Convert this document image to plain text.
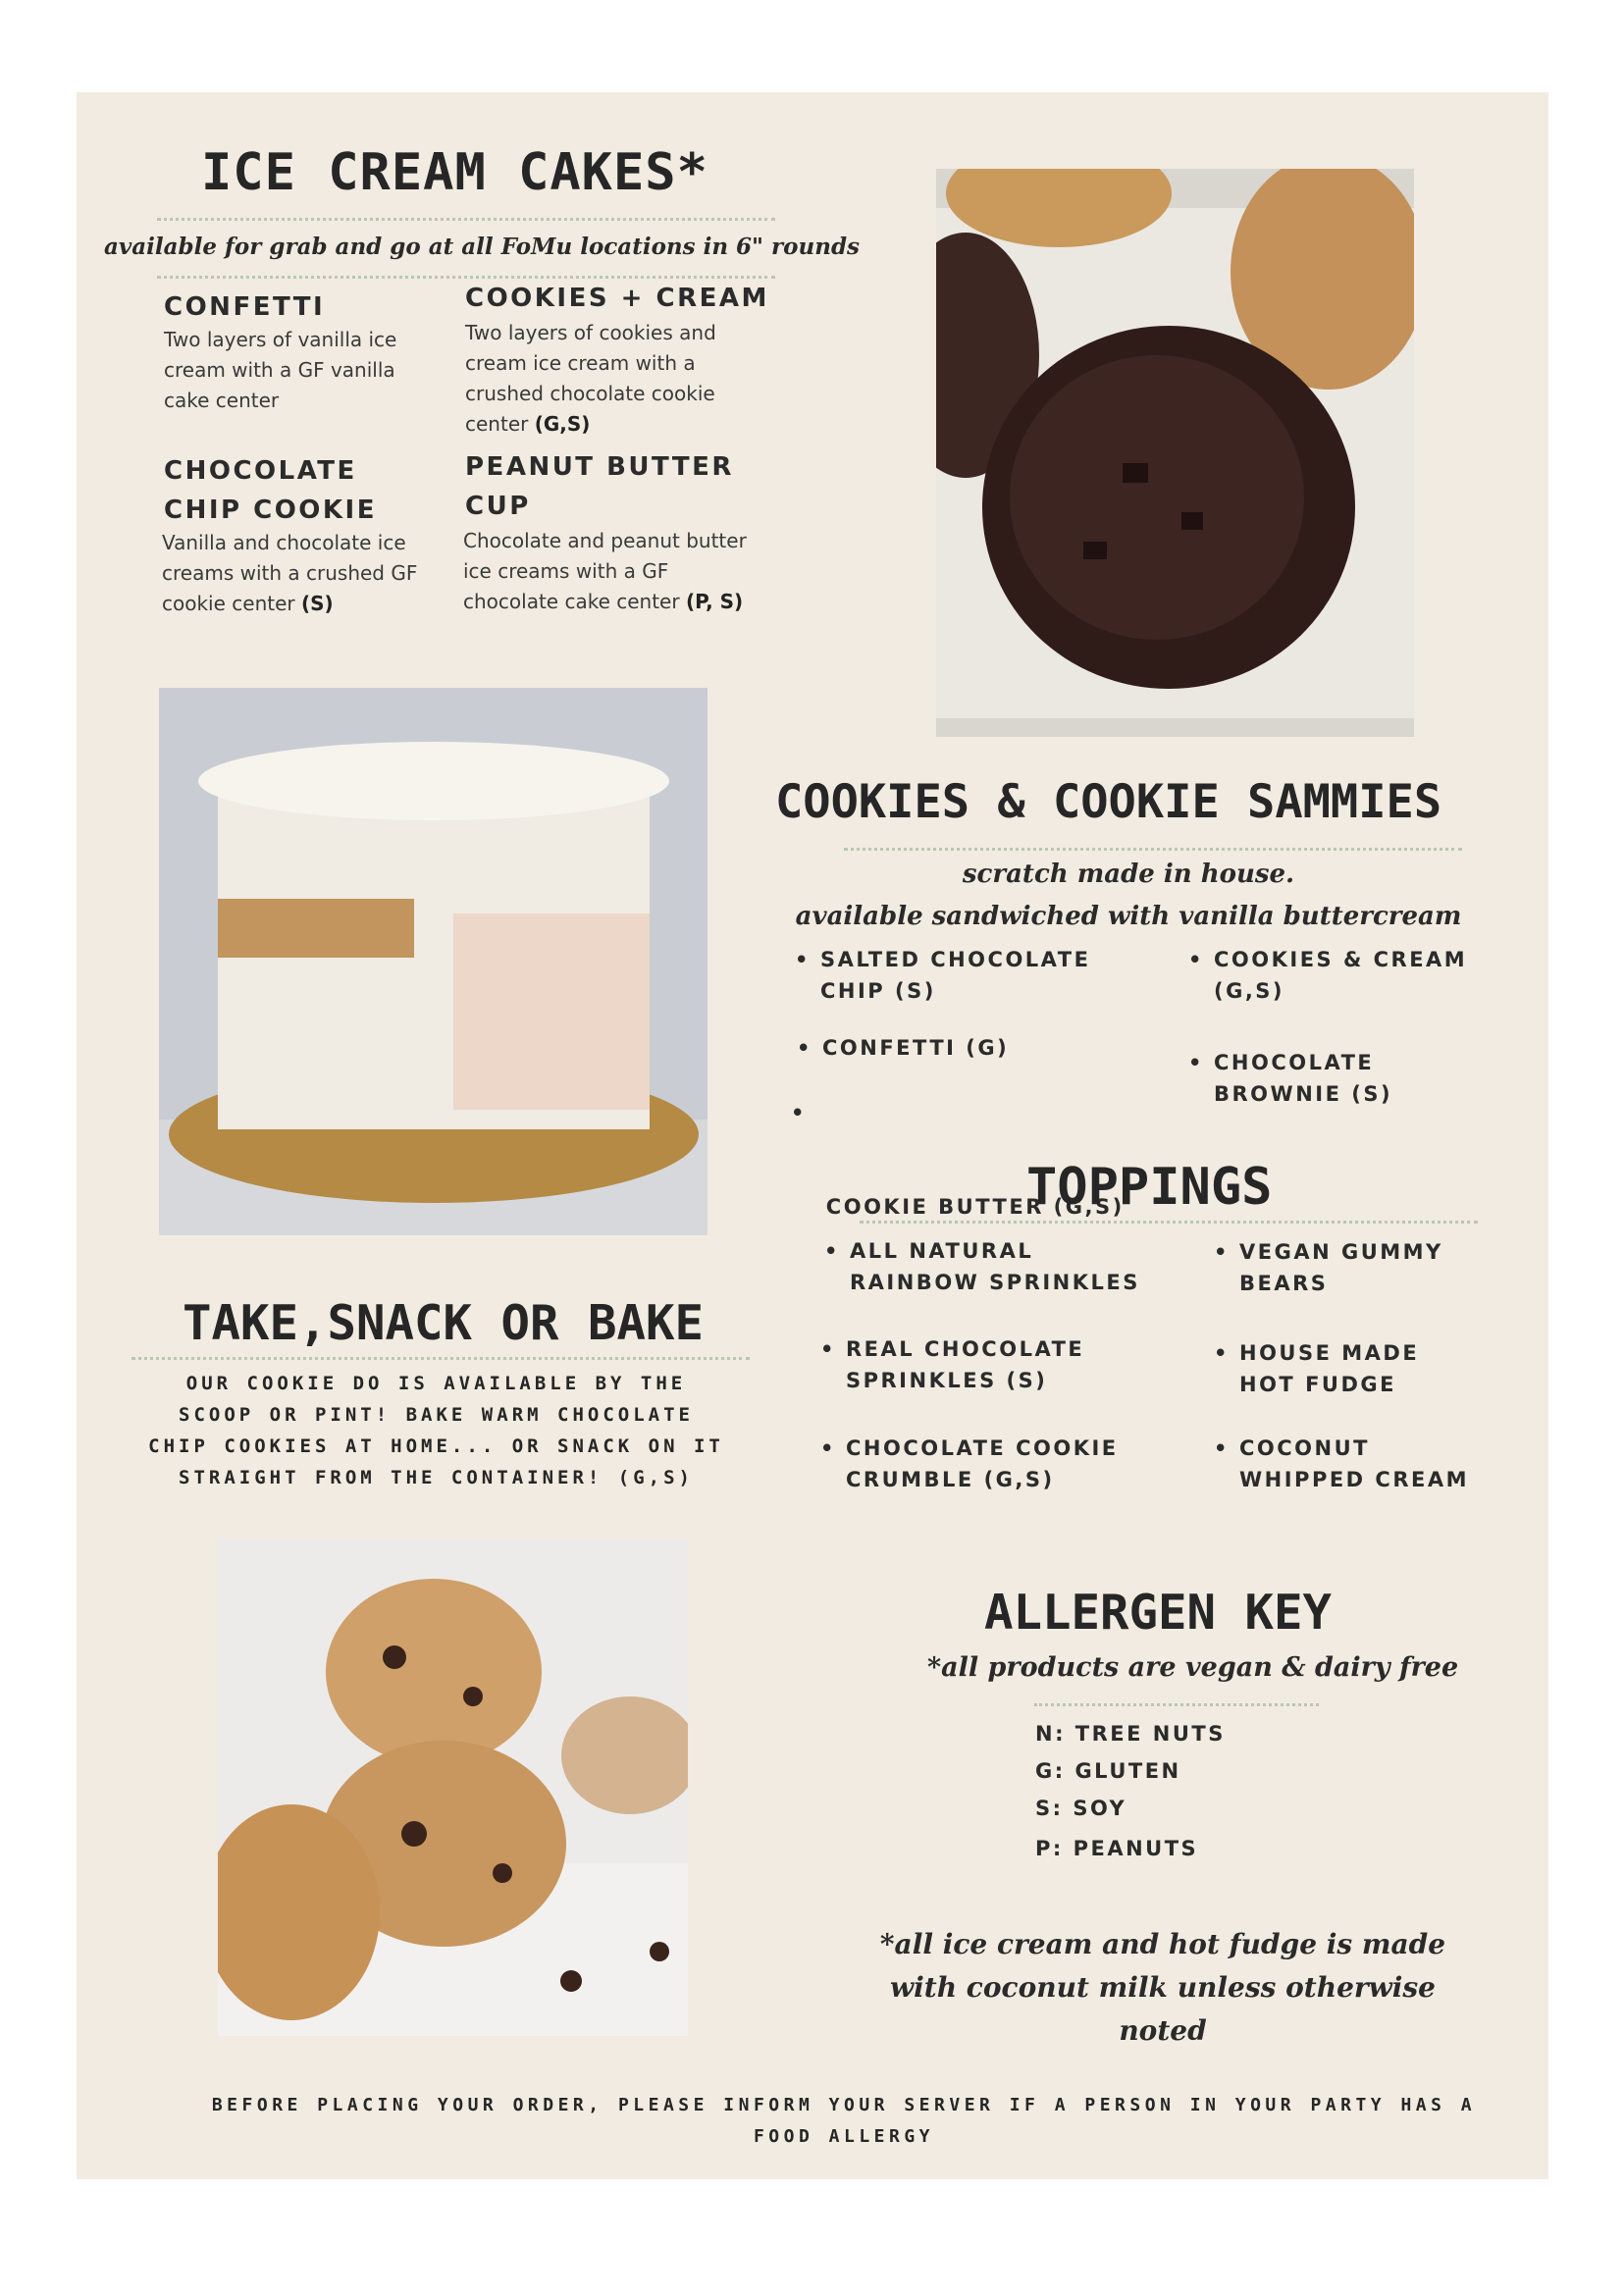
ICE CREAM CAKES*
available for grab and go at all FoMu locations in 6" rounds
CONFETTI
Two layers of vanilla ice cream with a GF vanilla cake center
COOKIES + CREAM
Two layers of cookies and cream ice cream with a crushed chocolate cookie center (G,S)
CHOCOLATE
CHIP COOKIE
Vanilla and chocolate ice creams with a crushed GF cookie center (S)
PEANUT BUTTER
CUP
Chocolate and peanut butter ice creams with a GF chocolate cake center (P, S)
COOKIES & COOKIE SAMMIES
scratch made in house.
available sandwiched with vanilla buttercream
• SALTED CHOCOLATE
CHIP (S)
• CONFETTI (G)

•

COOKIE BUTTER (G,S)

• COOKIES & CREAM
(G,S)
• CHOCOLATE
BROWNIE (S)
TOPPINGS
• ALL NATURAL
RAINBOW SPRINKLES
• REAL CHOCOLATE
SPRINKLES (S)
• CHOCOLATE COOKIE
CRUMBLE (G,S)
• VEGAN GUMMY
BEARS
• HOUSE MADE
HOT FUDGE
• COCONUT
WHIPPED CREAM
TAKE,SNACK OR BAKE
OUR COOKIE DO IS AVAILABLE BY THE
SCOOP OR PINT! BAKE WARM CHOCOLATE
CHIP COOKIES AT HOME... OR SNACK ON IT
STRAIGHT FROM THE CONTAINER! (G,S)
ALLERGEN KEY
*all products are vegan & dairy free
N: TREE NUTS
G: GLUTEN
S: SOY
P: PEANUTS
*all ice cream and hot fudge is made
with coconut milk unless otherwise noted
BEFORE PLACING YOUR ORDER, PLEASE INFORM YOUR SERVER IF A PERSON IN YOUR PARTY HAS A
FOOD ALLERGY
